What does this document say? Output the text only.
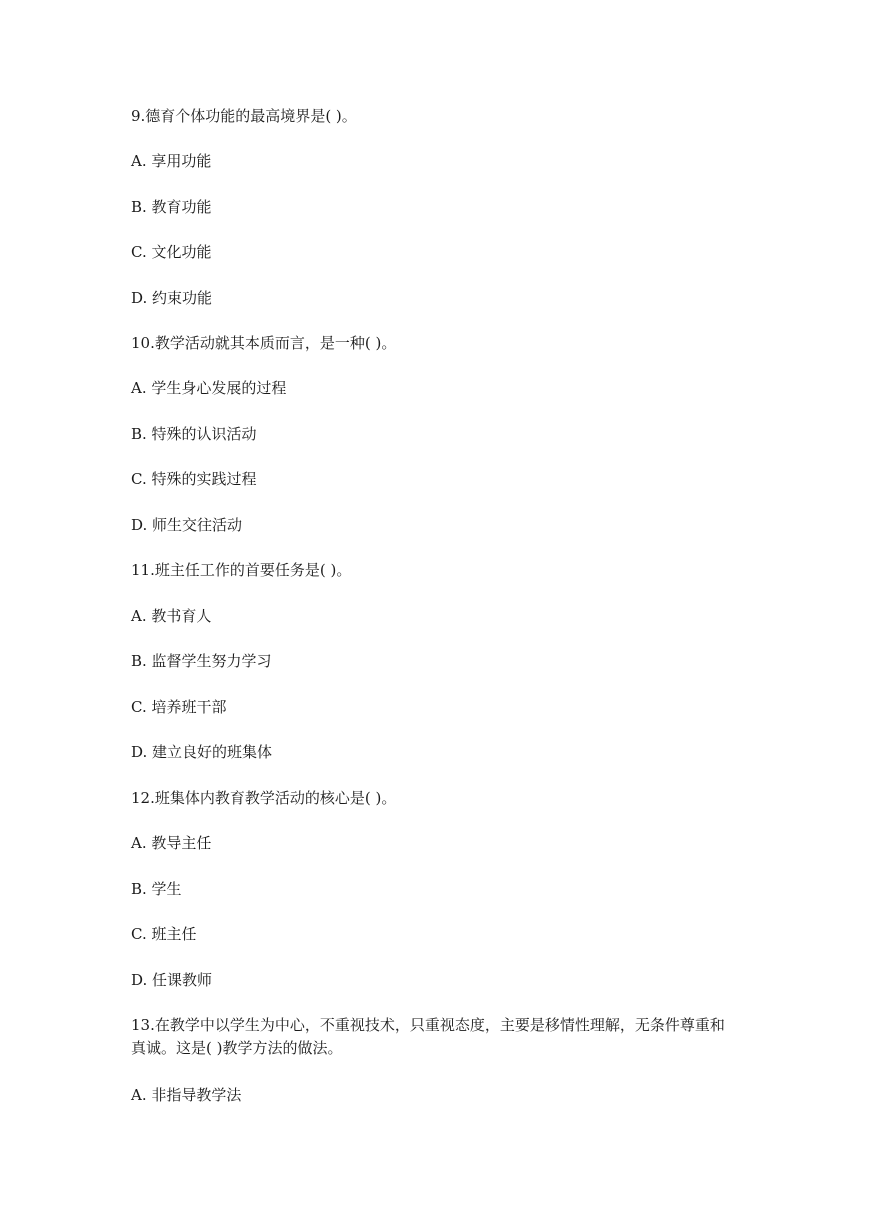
9.德育个体功能的最高境界是( )。
A. 享用功能
B. 教育功能
C. 文化功能
D. 约束功能
10.教学活动就其本质而言，是一种( )。
A. 学生身心发展的过程
B. 特殊的认识活动
C. 特殊的实践过程
D. 师生交往活动
11.班主任工作的首要任务是( )。
A. 教书育人
B. 监督学生努力学习
C. 培养班干部
D. 建立良好的班集体
12.班集体内教育教学活动的核心是( )。
A. 教导主任
B. 学生
C. 班主任
D. 任课教师
13.在教学中以学生为中心，不重视技术，只重视态度，主要是移情性理解，无条件尊重和
真诚。这是( )教学方法的做法。
A. 非指导教学法
